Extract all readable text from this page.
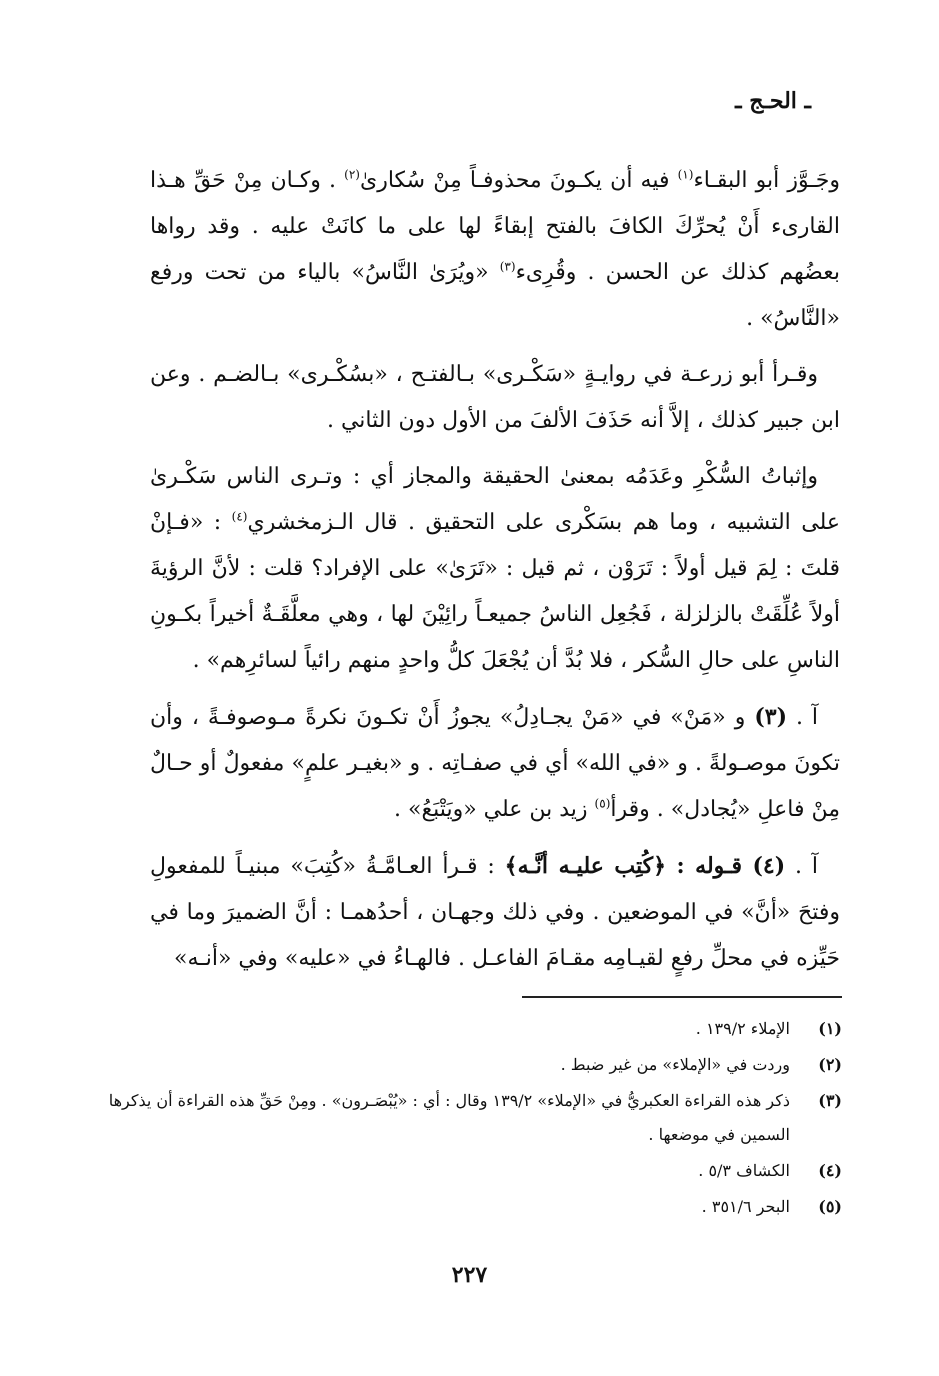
ـ الحـج ـ

وجَـوَّز أبو البقـاء$^{(١)}$ فيه أن يكـونَ محذوفـاً مِنْ سُكارىٰ$^{(٢)}$ . وكـان مِنْ حَقِّ هـذا القارىء أَنْ يُحرِّكَ الكافَ بالفتح إبقاءً لها على ما كانَتْ عليه . وقد رواها بعضُهم كذلك عن الحسن . وقُرِىء$^{(٣)}$ «ويُرَىٰ النَّاسُ» بالياء من تحت ورفع «النَّاسُ» .

وقـرأ أبو زرعـة في روايـةٍ «سَكْـرى» بـالفتـح ، «بسُكْـرى» بـالضـم . وعن ابن جبير كذلك ، إلاَّ أنه حَذَفَ الألفَ من الأول دون الثاني .

وإثباتُ السُّكْرِ وعَدَمُه بمعنىٰ الحقيقة والمجاز أي : وتـرى الناس سَكْـرىٰ على التشبيه ، وما هم بسَكْرى على التحقيق . قال الـزمخشري$^{(٤)}$ : «فـإنْ قلتَ : لِمَ قيل أولاً : تَرَوْن ، ثم قيل : «تَرَىٰ» على الإفراد؟ قلت : لأنَّ الرؤيةَ أولاً عُلِّقَتْ بالزلزلة ، فَجُعِل الناسُ جميعـاً رائِيْنَ لها ، وهي معلَّقَـةٌ أخيراً بكـونِ الناسِ على حالِ السُّكر ، فلا بُدَّ أن يُجْعَلَ كلُّ واحدٍ منهم رائياً لسائرِهم» .

آ . (٣) و «مَنْ» في «مَنْ يجـادِلُ» يجوزُ أَنْ تكـونَ نكرةً مـوصوفـةً ، وأن تكونَ موصـولةً . و «في الله» أي في صفـاتِه . و «بغيـر علمٍ» مفعولٌ أو حـالٌ مِنْ فاعلِ «يُجادل» . وقرأ$^{(٥)}$ زيد بن علي «ويَتْبَعُ» .

آ . (٤) قـوله : ﴿كُتِب عليـه أنَّـه﴾ : قـرأ العـامَّـةُ «كُتِبَ» مبنيـاً للمفعولِ وفتحَ «أنَّ» في الموضعين . وفي ذلك وجهـان ، أحدُهمـا : أنَّ الضميرَ وما في حَيِّزه في محلِّ رفعٍ لقيـامِه مقـامَ الفاعـل . فالهـاءُ في «عليه» وفي «أنـه»

(١)
الإملاء ١٣٩/٢ .
(٢)
وردت في «الإملاء» من غير ضبط .
(٣)
ذكر هذه القراءة العكبريُّ في «الإملاء» ١٣٩/٢ وقال : أي : «يُبْصَـرون» . ومِنْ حَقِّ هذه القراءة أن يذكرها السمين في موضعها .
(٤)
الكشاف ٥/٣ .
(٥)
البحر ٣٥١/٦ .
٢٢٧
